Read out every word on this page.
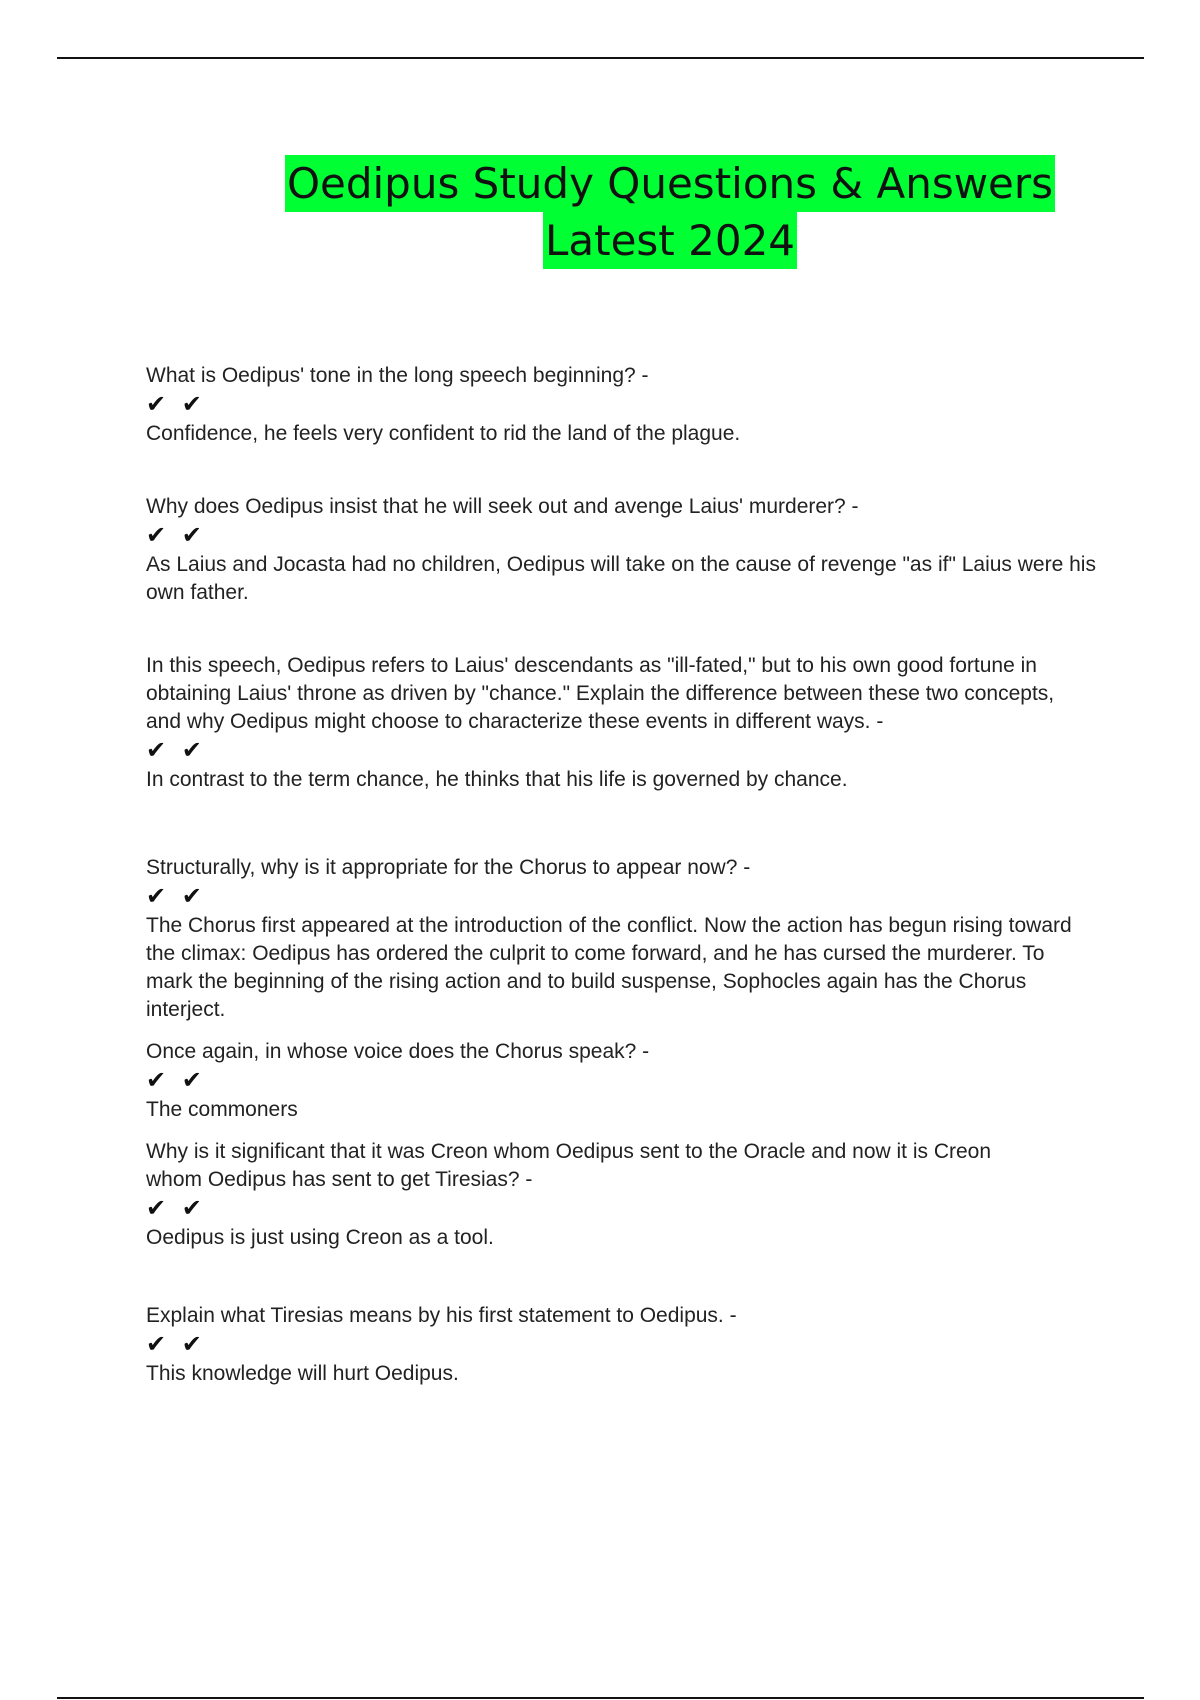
Oedipus Study Questions & Answers
Latest 2024

What is Oedipus' tone in the long speech beginning? -
✔ ✔
Confidence, he feels very confident to rid the land of the plague.

Why does Oedipus insist that he will seek out and avenge Laius' murderer? -
✔ ✔
As Laius and Jocasta had no children, Oedipus will take on the cause of revenge "as if" Laius were his own father.

In this speech, Oedipus refers to Laius' descendants as "ill-fated," but to his own good fortune in obtaining Laius' throne as driven by "chance." Explain the difference between these two concepts, and why Oedipus might choose to characterize these events in different ways. -
✔ ✔
In contrast to the term chance, he thinks that his life is governed by chance.

Structurally, why is it appropriate for the Chorus to appear now? -
✔ ✔
The Chorus first appeared at the introduction of the conflict. Now the action has begun rising toward the climax: Oedipus has ordered the culprit to come forward, and he has cursed the murderer. To mark the beginning of the rising action and to build suspense, Sophocles again has the Chorus interject.

Once again, in whose voice does the Chorus speak? -
✔ ✔
The commoners

Why is it significant that it was Creon whom Oedipus sent to the Oracle and now it is Creon whom Oedipus has sent to get Tiresias? -
✔ ✔
Oedipus is just using Creon as a tool.

Explain what Tiresias means by his first statement to Oedipus. -
✔ ✔
This knowledge will hurt Oedipus.
